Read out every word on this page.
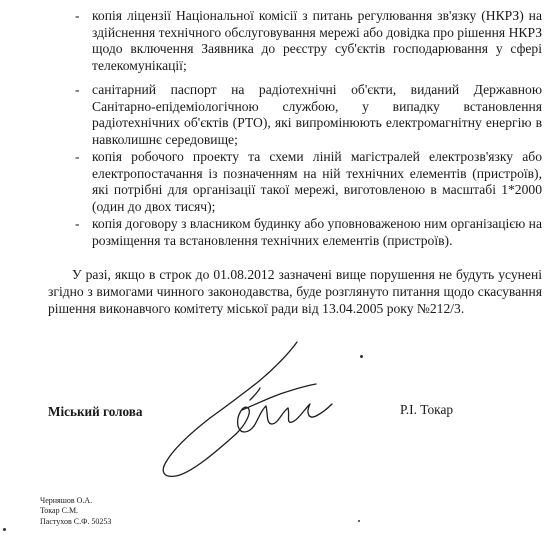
- копія ліцензії Національної комісії з питань регулювання зв'язку (НКРЗ) на здійснення технічного обслуговування мережі або довідка про рішення НКРЗ щодо включення Заявника до реєстру суб'єктів господарювання у сфері телекомунікації;
- санітарний паспорт на радіотехнічні об'єкти, виданий Державною Санітарно-епідеміологічною службою, у випадку встановлення радіотехнічних об'єктів (РТО), які випромінюють електромагнітну енергію в навколишнє середовище;
- копія робочого проекту та схеми ліній магістралей електрозв'язку або електропостачання із позначенням на ній технічних елементів (пристроїв), які потрібні для організації такої мережі, виготовленою в масштабі 1*2000 (один до двох тисяч);
- копія договору з власником будинку або уповноваженою ним організацією на розміщення та встановлення технічних елементів (пристроїв).
У разі, якщо в строк до 01.08.2012 зазначені вище порушення не будуть усунені згідно з вимогами чинного законодавства, буде розглянуто питання щодо скасування рішення виконавчого комітету міської ради від 13.04.2005 року №212/3.
Міський голова	Р.І. Токар
Черняшов О.А.
Токар С.М.
Пастухов С.Ф. 50253
